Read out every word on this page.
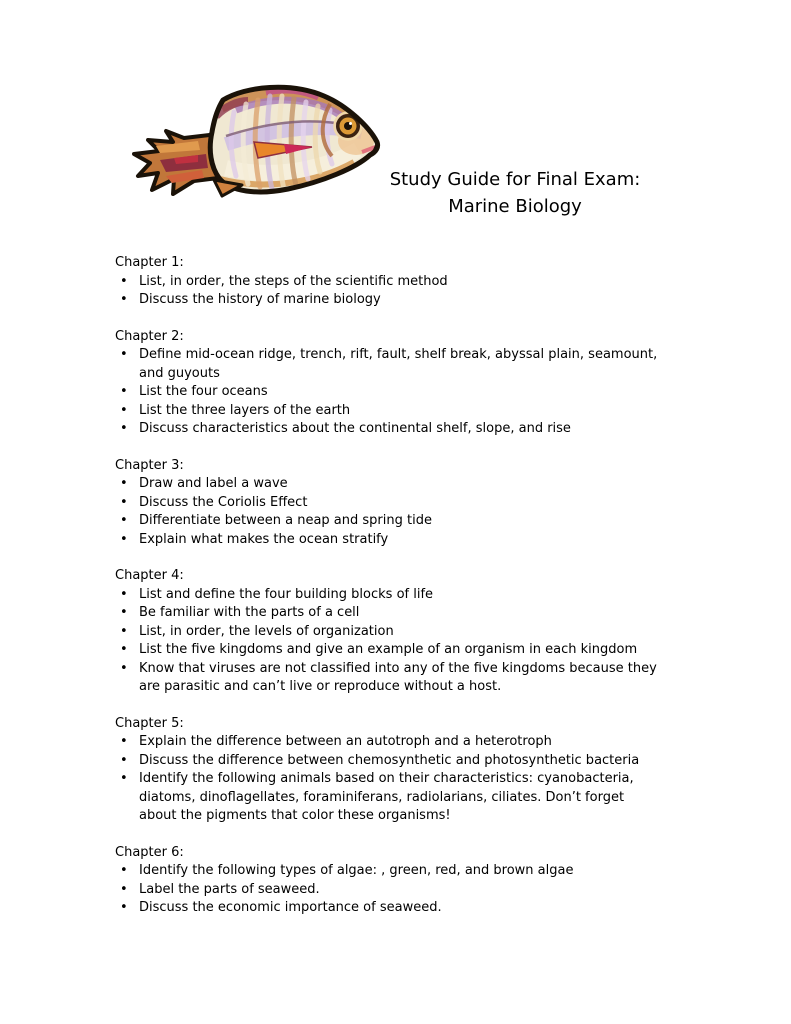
Study Guide for Final Exam:
Marine Biology
Chapter 1:
• List, in order, the steps of the scientific method
• Discuss the history of marine biology
Chapter 2:
• Define mid-ocean ridge, trench, rift, fault, shelf break, abyssal plain, seamount, and guyouts
• List the four oceans
• List the three layers of the earth
• Discuss characteristics about the continental shelf, slope, and rise
Chapter 3:
• Draw and label a wave
• Discuss the Coriolis Effect
• Differentiate between a neap and spring tide
• Explain what makes the ocean stratify
Chapter 4:
• List and define the four building blocks of life
• Be familiar with the parts of a cell
• List, in order, the levels of organization
• List the five kingdoms and give an example of an organism in each kingdom
• Know that viruses are not classified into any of the five kingdoms because they are parasitic and can’t live or reproduce without a host.
Chapter 5:
• Explain the difference between an autotroph and a heterotroph
• Discuss the difference between chemosynthetic and photosynthetic bacteria
• Identify the following animals based on their characteristics: cyanobacteria, diatoms, dinoflagellates, foraminiferans, radiolarians, ciliates. Don’t forget about the pigments that color these organisms!
Chapter 6:
• Identify the following types of algae: , green, red, and brown algae
• Label the parts of seaweed.
• Discuss the economic importance of seaweed.
